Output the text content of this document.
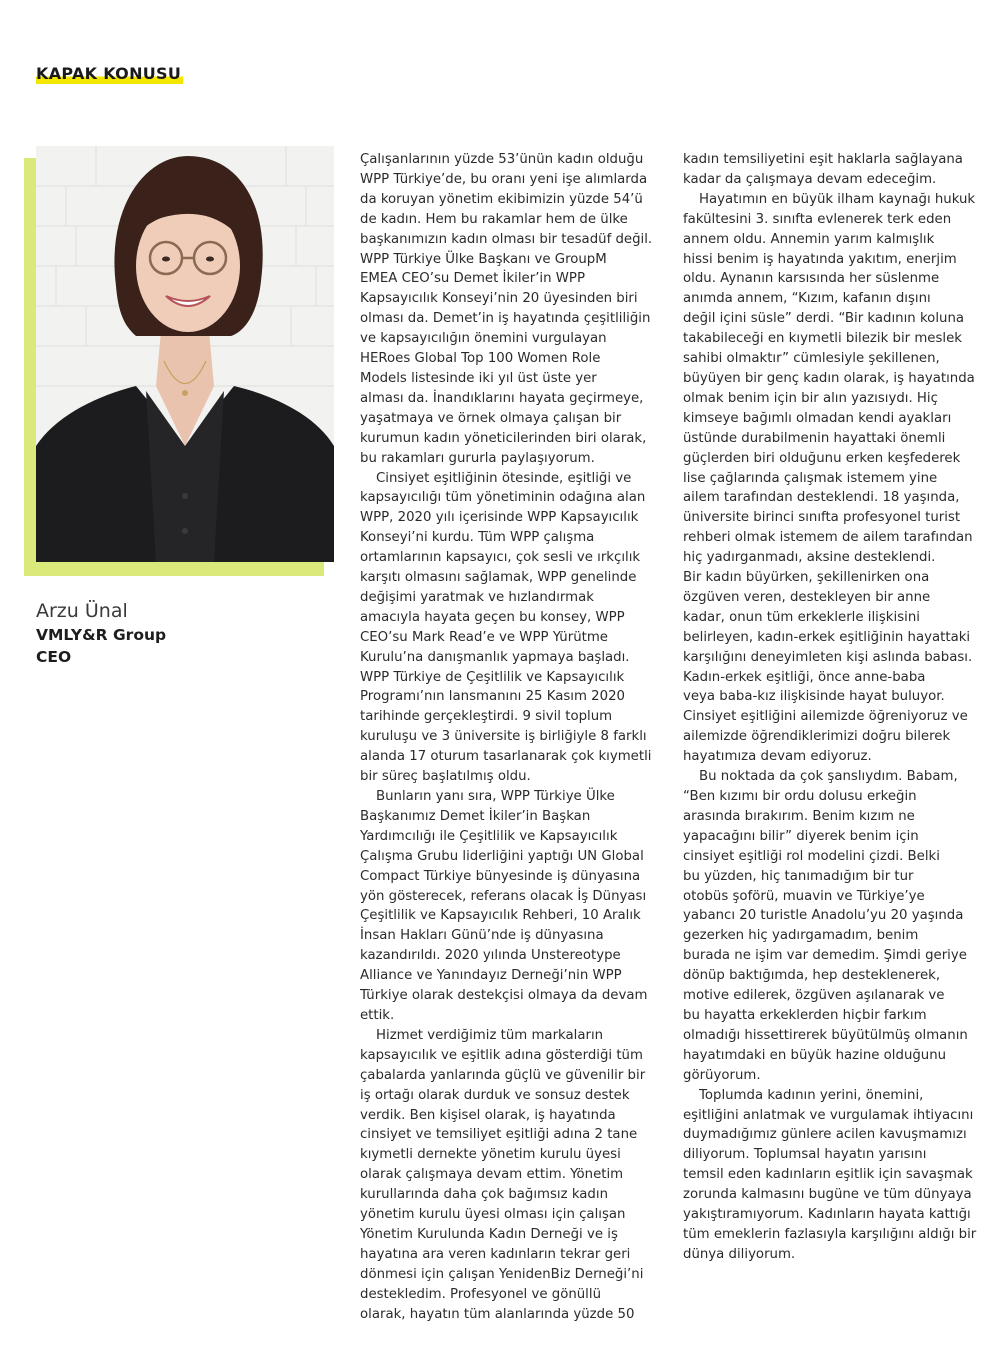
KAPAK KONUSU
Arzu Ünal
VMLY&R Group
CEO
Çalışanlarının yüzde 53’ünün kadın olduğu
WPP Türkiye’de, bu oranı yeni işe alımlarda
da koruyan yönetim ekibimizin yüzde 54’ü
de kadın. Hem bu rakamlar hem de ülke
başkanımızın kadın olması bir tesadüf değil.
WPP Türkiye Ülke Başkanı ve GroupM
EMEA CEO’su Demet İkiler’in WPP
Kapsayıcılık Konseyi’nin 20 üyesinden biri
olması da. Demet’in iş hayatında çeşitliliğin
ve kapsayıcılığın önemini vurgulayan
HERoes Global Top 100 Women Role
Models listesinde iki yıl üst üste yer
alması da. İnandıklarını hayata geçirmeye,
yaşatmaya ve örnek olmaya çalışan bir
kurumun kadın yöneticilerinden biri olarak,
bu rakamları gururla paylaşıyorum.
Cinsiyet eşitliğinin ötesinde, eşitliği ve
kapsayıcılığı tüm yönetiminin odağına alan
WPP, 2020 yılı içerisinde WPP Kapsayıcılık
Konseyi’ni kurdu. Tüm WPP çalışma
ortamlarının kapsayıcı, çok sesli ve ırkçılık
karşıtı olmasını sağlamak, WPP genelinde
değişimi yaratmak ve hızlandırmak
amacıyla hayata geçen bu konsey, WPP
CEO’su Mark Read’e ve WPP Yürütme
Kurulu’na danışmanlık yapmaya başladı.
WPP Türkiye de Çeşitlilik ve Kapsayıcılık
Programı’nın lansmanını 25 Kasım 2020
tarihinde gerçekleştirdi. 9 sivil toplum
kuruluşu ve 3 üniversite iş birliğiyle 8 farklı
alanda 17 oturum tasarlanarak çok kıymetli
bir süreç başlatılmış oldu.
Bunların yanı sıra, WPP Türkiye Ülke
Başkanımız Demet İkiler’in Başkan
Yardımcılığı ile Çeşitlilik ve Kapsayıcılık
Çalışma Grubu liderliğini yaptığı UN Global
Compact Türkiye bünyesinde iş dünyasına
yön gösterecek, referans olacak İş Dünyası
Çeşitlilik ve Kapsayıcılık Rehberi, 10 Aralık
İnsan Hakları Günü’nde iş dünyasına
kazandırıldı. 2020 yılında Unstereotype
Alliance ve Yanındayız Derneği’nin WPP
Türkiye olarak destekçisi olmaya da devam
ettik.
Hizmet verdiğimiz tüm markaların
kapsayıcılık ve eşitlik adına gösterdiği tüm
çabalarda yanlarında güçlü ve güvenilir bir
iş ortağı olarak durduk ve sonsuz destek
verdik. Ben kişisel olarak, iş hayatında
cinsiyet ve temsiliyet eşitliği adına 2 tane
kıymetli dernekte yönetim kurulu üyesi
olarak çalışmaya devam ettim. Yönetim
kurullarında daha çok bağımsız kadın
yönetim kurulu üyesi olması için çalışan
Yönetim Kurulunda Kadın Derneği ve iş
hayatına ara veren kadınların tekrar geri
dönmesi için çalışan YenidenBiz Derneği’ni
destekledim. Profesyonel ve gönüllü
olarak, hayatın tüm alanlarında yüzde 50
kadın temsiliyetini eşit haklarla sağlayana
kadar da çalışmaya devam edeceğim.
Hayatımın en büyük ilham kaynağı hukuk
fakültesini 3. sınıfta evlenerek terk eden
annem oldu. Annemin yarım kalmışlık
hissi benim iş hayatında yakıtım, enerjim
oldu. Aynanın karsısında her süslenme
anımda annem, “Kızım, kafanın dışını
değil içini süsle” derdi. “Bir kadının koluna
takabileceği en kıymetli bilezik bir meslek
sahibi olmaktır” cümlesiyle şekillenen,
büyüyen bir genç kadın olarak, iş hayatında
olmak benim için bir alın yazısıydı. Hiç
kimseye bağımlı olmadan kendi ayakları
üstünde durabilmenin hayattaki önemli
güçlerden biri olduğunu erken keşfederek
lise çağlarında çalışmak istemem yine
ailem tarafından desteklendi. 18 yaşında,
üniversite birinci sınıfta profesyonel turist
rehberi olmak istemem de ailem tarafından
hiç yadırganmadı, aksine desteklendi.
Bir kadın büyürken, şekillenirken ona
özgüven veren, destekleyen bir anne
kadar, onun tüm erkeklerle ilişkisini
belirleyen, kadın-erkek eşitliğinin hayattaki
karşılığını deneyimleten kişi aslında babası.
Kadın-erkek eşitliği, önce anne-baba
veya baba-kız ilişkisinde hayat buluyor.
Cinsiyet eşitliğini ailemizde öğreniyoruz ve
ailemizde öğrendiklerimizi doğru bilerek
hayatımıza devam ediyoruz.
Bu noktada da çok şanslıydım. Babam,
“Ben kızımı bir ordu dolusu erkeğin
arasında bırakırım. Benim kızım ne
yapacağını bilir” diyerek benim için
cinsiyet eşitliği rol modelini çizdi. Belki
bu yüzden, hiç tanımadığım bir tur
otobüs şoförü, muavin ve Türkiye’ye
yabancı 20 turistle Anadolu’yu 20 yaşında
gezerken hiç yadırgamadım, benim
burada ne işim var demedim. Şimdi geriye
dönüp baktığımda, hep desteklenerek,
motive edilerek, özgüven aşılanarak ve
bu hayatta erkeklerden hiçbir farkım
olmadığı hissettirerek büyütülmüş olmanın
hayatımdaki en büyük hazine olduğunu
görüyorum.
Toplumda kadının yerini, önemini,
eşitliğini anlatmak ve vurgulamak ihtiyacını
duymadığımız günlere acilen kavuşmamızı
diliyorum. Toplumsal hayatın yarısını
temsil eden kadınların eşitlik için savaşmak
zorunda kalmasını bugüne ve tüm dünyaya
yakıştıramıyorum. Kadınların hayata kattığı
tüm emeklerin fazlasıyla karşılığını aldığı bir
dünya diliyorum.
